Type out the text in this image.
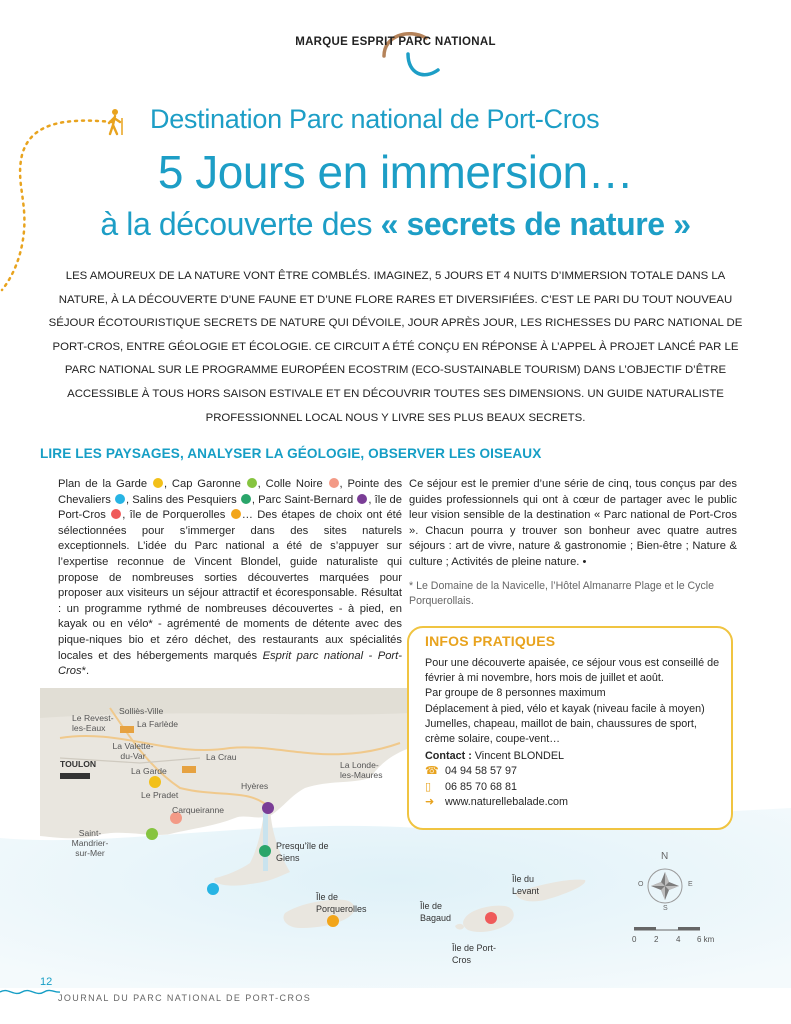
MARQUE ESPRIT PARC NATIONAL
Destination Parc national de Port-Cros
5 Jours en immersion…
à la découverte des « secrets de nature »
LES AMOUREUX DE LA NATURE VONT ÊTRE COMBLÉS. IMAGINEZ, 5 JOURS ET 4 NUITS D’IMMERSION TOTALE DANS LA NATURE, À LA DÉCOUVERTE D’UNE FAUNE ET D’UNE FLORE RARES ET DIVERSIFIÉES. C’EST LE PARI DU TOUT NOUVEAU SÉJOUR ÉCOTOURISTIQUE SECRETS DE NATURE QUI DÉVOILE, JOUR APRÈS JOUR, LES RICHESSES DU PARC NATIONAL DE PORT-CROS, ENTRE GÉOLOGIE ET ÉCOLOGIE. CE CIRCUIT A ÉTÉ CONÇU EN RÉPONSE À L’APPEL À PROJET LANCÉ PAR LE PARC NATIONAL SUR LE PROGRAMME EUROPÉEN ECOSTRIM (ECO-SUSTAINABLE TOURISM) DANS L’OBJECTIF D’ÊTRE ACCESSIBLE À TOUS HORS SAISON ESTIVALE ET EN DÉCOUVRIR TOUTES SES DIMENSIONS. UN GUIDE NATURALISTE PROFESSIONNEL LOCAL NOUS Y LIVRE SES PLUS BEAUX SECRETS.
LIRE LES PAYSAGES, ANALYSER LA GÉOLOGIE, OBSERVER LES OISEAUX
Plan de la Garde , Cap Garonne , Colle Noire , Pointe des Chevaliers , Salins des Pesquiers , Parc Saint-Bernard , île de Port-Cros , île de Porquerolles … Des étapes de choix ont été sélectionnées pour s’immerger dans des sites naturels exceptionnels. L’idée du Parc national a été de s’appuyer sur l’expertise reconnue de Vincent Blondel, guide naturaliste qui propose de nombreuses sorties découvertes marquées pour proposer aux visiteurs un séjour attractif et écoresponsable. Résultat : un programme rythmé de nombreuses découvertes - à pied, en kayak ou en vélo* - agrémenté de moments de détente avec des pique-niques bio et zéro déchet, des restaurants aux spécialités locales et des hébergements marqués Esprit parc national - Port-Cros*.
Ce séjour est le premier d’une série de cinq, tous conçus par des guides professionnels qui ont à cœur de partager avec le public leur vision sensible de la destination « Parc national de Port-Cros ». Chacun pourra y trouver son bonheur avec quatre autres séjours : art de vivre, nature & gastronomie ; Bien-être ; Nature & culture ; Activités de pleine nature. •
* Le Domaine de la Navicelle, l’Hôtel Almanarre Plage et le Cycle Porquerollais.
Solliès-Ville
Le Revest-les-Eaux	La Farlède
La Valette-du-Var
TOULON
La Garde
La Crau
La Londe-les-Maures
Le Pradet
Hyères
Carqueiranne
Saint-Mandrier-sur-Mer
Presqu’île de Giens
Île de Porquerolles	Île de Bagaud
Île du Levant
Île de Port-Cros
N
S
E
O
0 2 4 6 km
INFOS PRATIQUES
Pour une découverte apaisée, ce séjour vous est conseillé de février à mi novembre, hors mois de juillet et août.
Par groupe de 8 personnes maximum
Déplacement à pied, vélo et kayak (niveau facile à moyen)
Jumelles, chapeau, maillot de bain, chaussures de sport, crème solaire, coupe-vent…
Contact : Vincent BLONDEL
☎ 04 94 58 57 97
▯	06 85 70 68 81
➜ www.naturellebalade.com
12
JOURNAL DU PARC NATIONAL DE PORT-CROS
